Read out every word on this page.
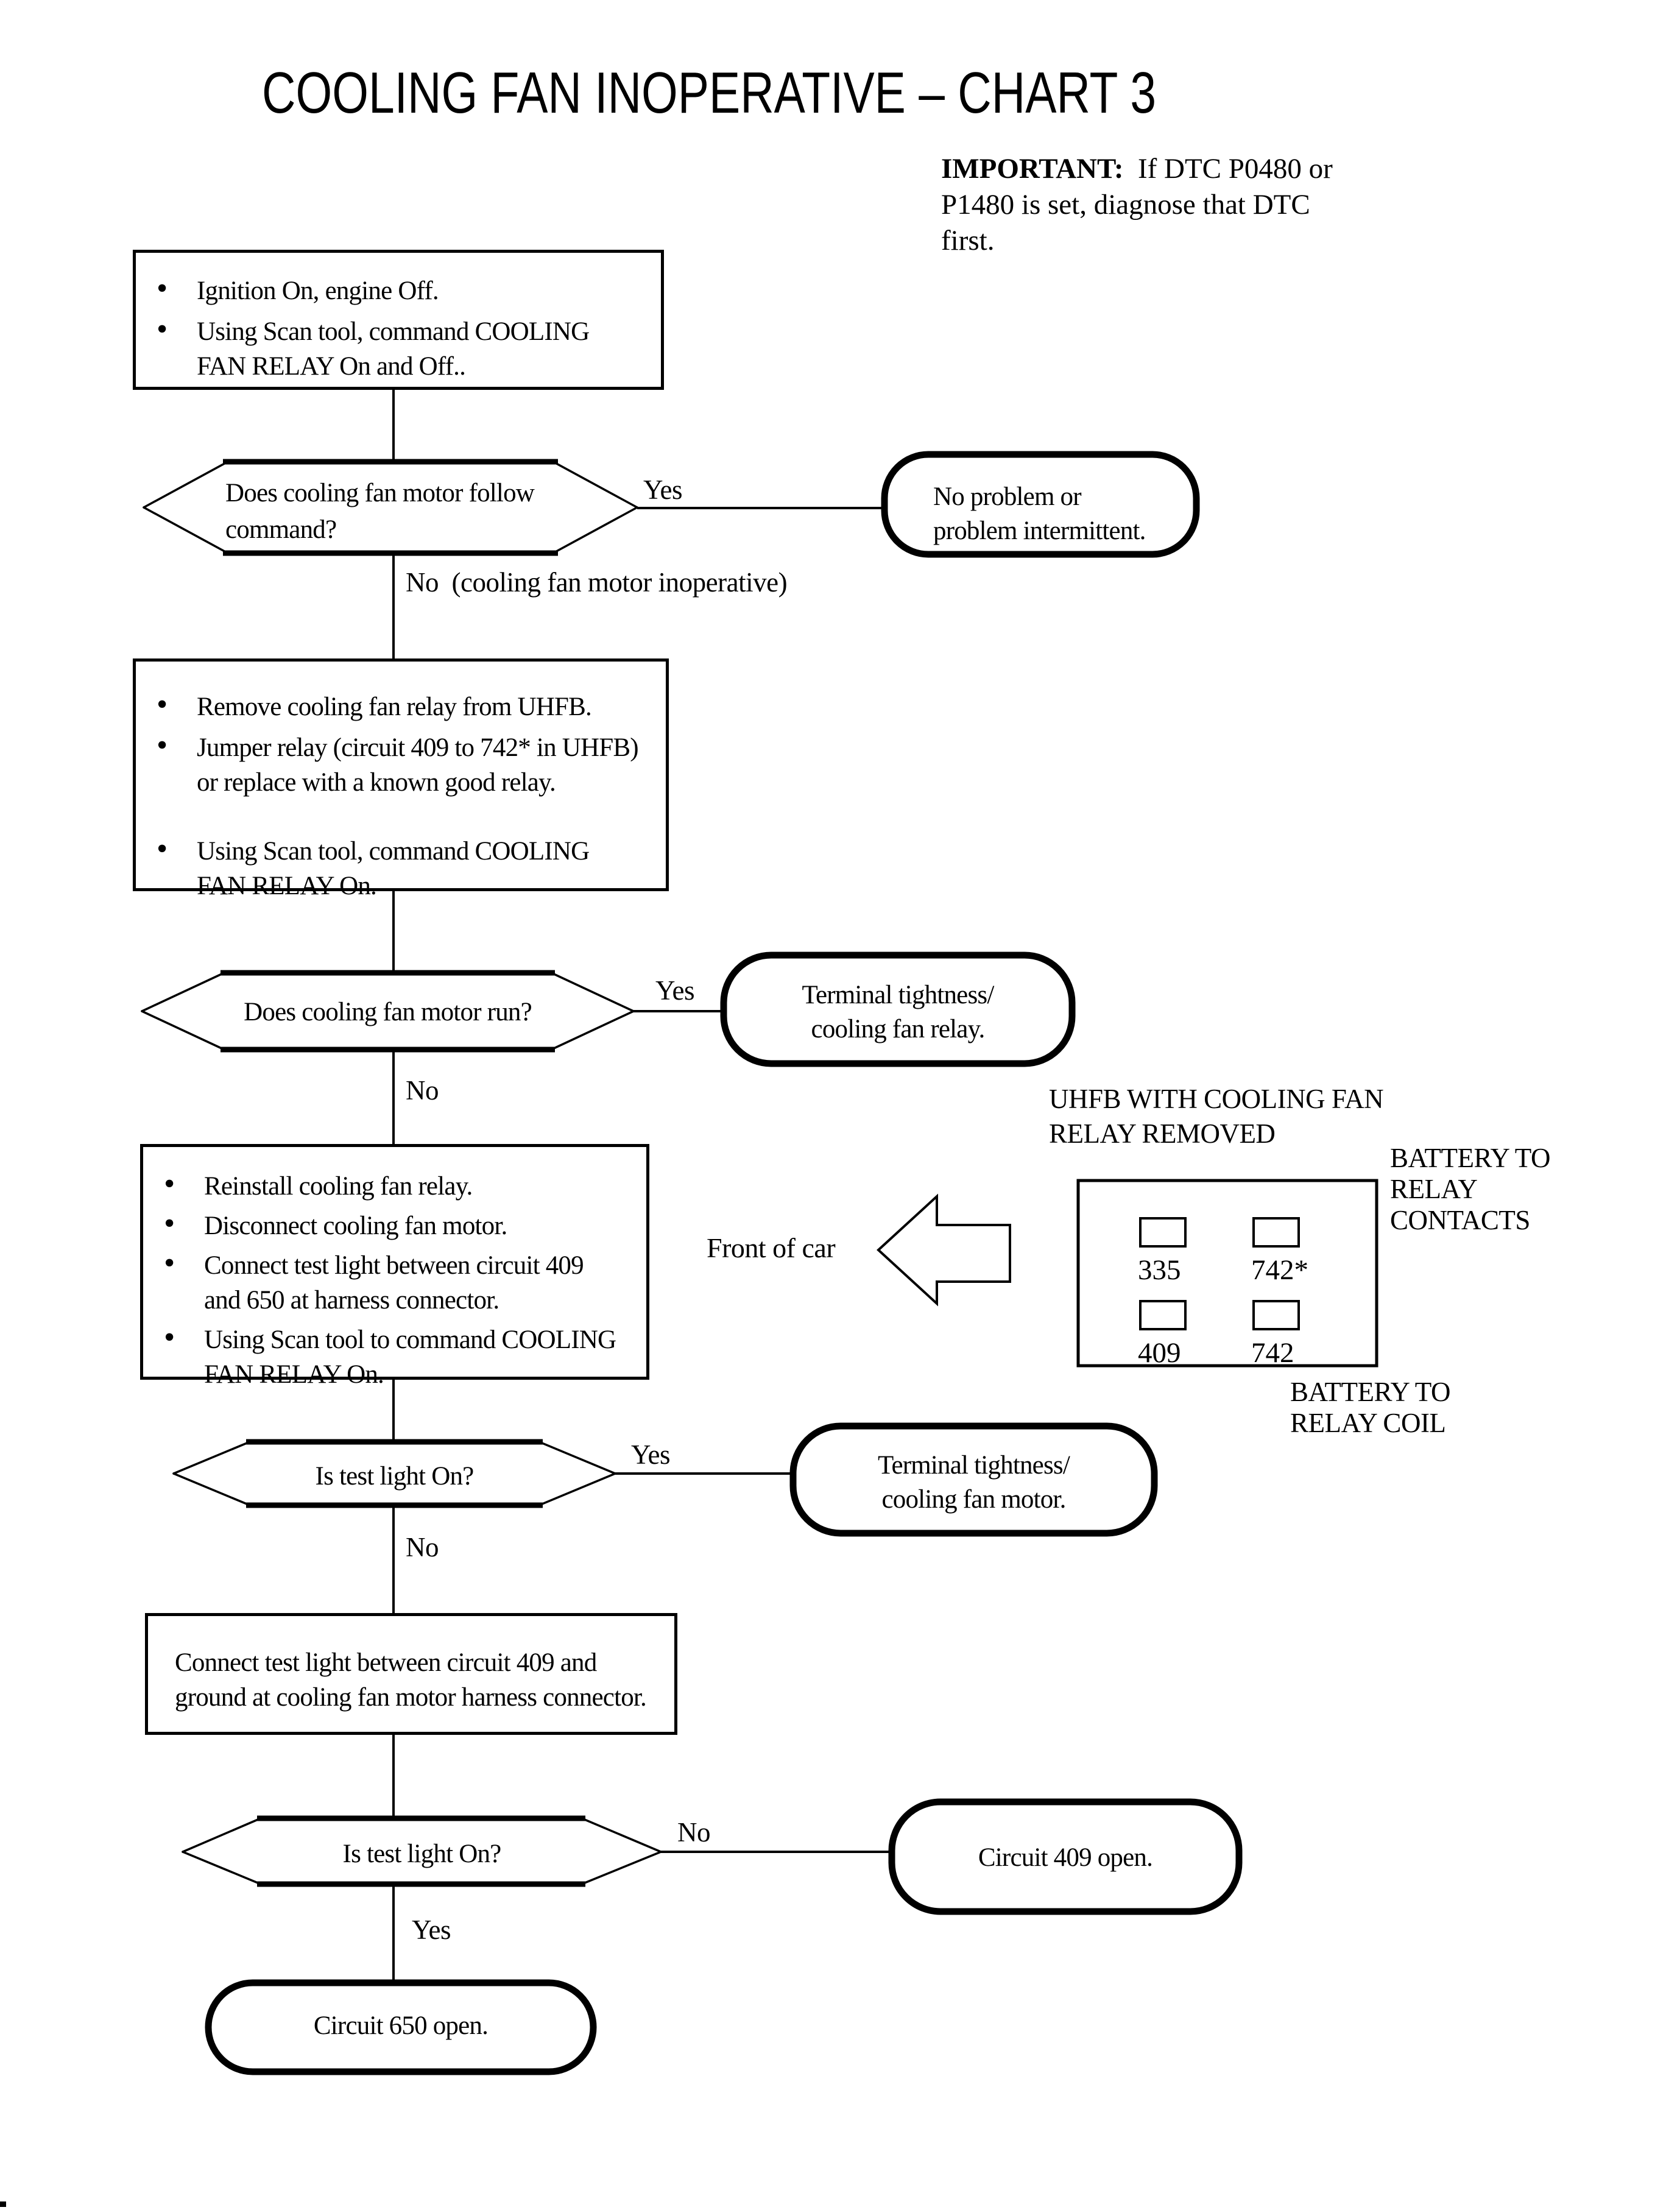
COOLING FAN INOPERATIVE – CHART 3
IMPORTANT:  If DTC P0480 or
P1480 is set, diagnose that DTC
first.
• Ignition On, engine Off.
• Using Scan tool, command COOLING
FAN RELAY On and Off..
Does cooling fan motor follow
command?
Yes
No  (cooling fan motor inoperative)
No problem or
problem intermittent.
• Remove cooling fan relay from UHFB.
• Jumper relay (circuit 409 to 742* in UHFB)
or replace with a known good relay.
• Using Scan tool, command COOLING
FAN RELAY On.
Does cooling fan motor run?
Yes
No
Terminal tightness/
cooling fan relay.
UHFB WITH COOLING FAN
RELAY REMOVED
BATTERY TO
RELAY
CONTACTS
BATTERY TO
RELAY COIL
335 742*
409 742
Front of car
• Reinstall cooling fan relay.
• Disconnect cooling fan motor.
• Connect test light between circuit 409
and 650 at harness connector.
• Using Scan tool to command COOLING
FAN RELAY On.
Is test light On?
Yes
No
Terminal tightness/
cooling fan motor.
Connect test light between circuit 409 and
ground at cooling fan motor harness connector.
Is test light On?
No
Yes
Circuit 409 open.
Circuit 650 open.
